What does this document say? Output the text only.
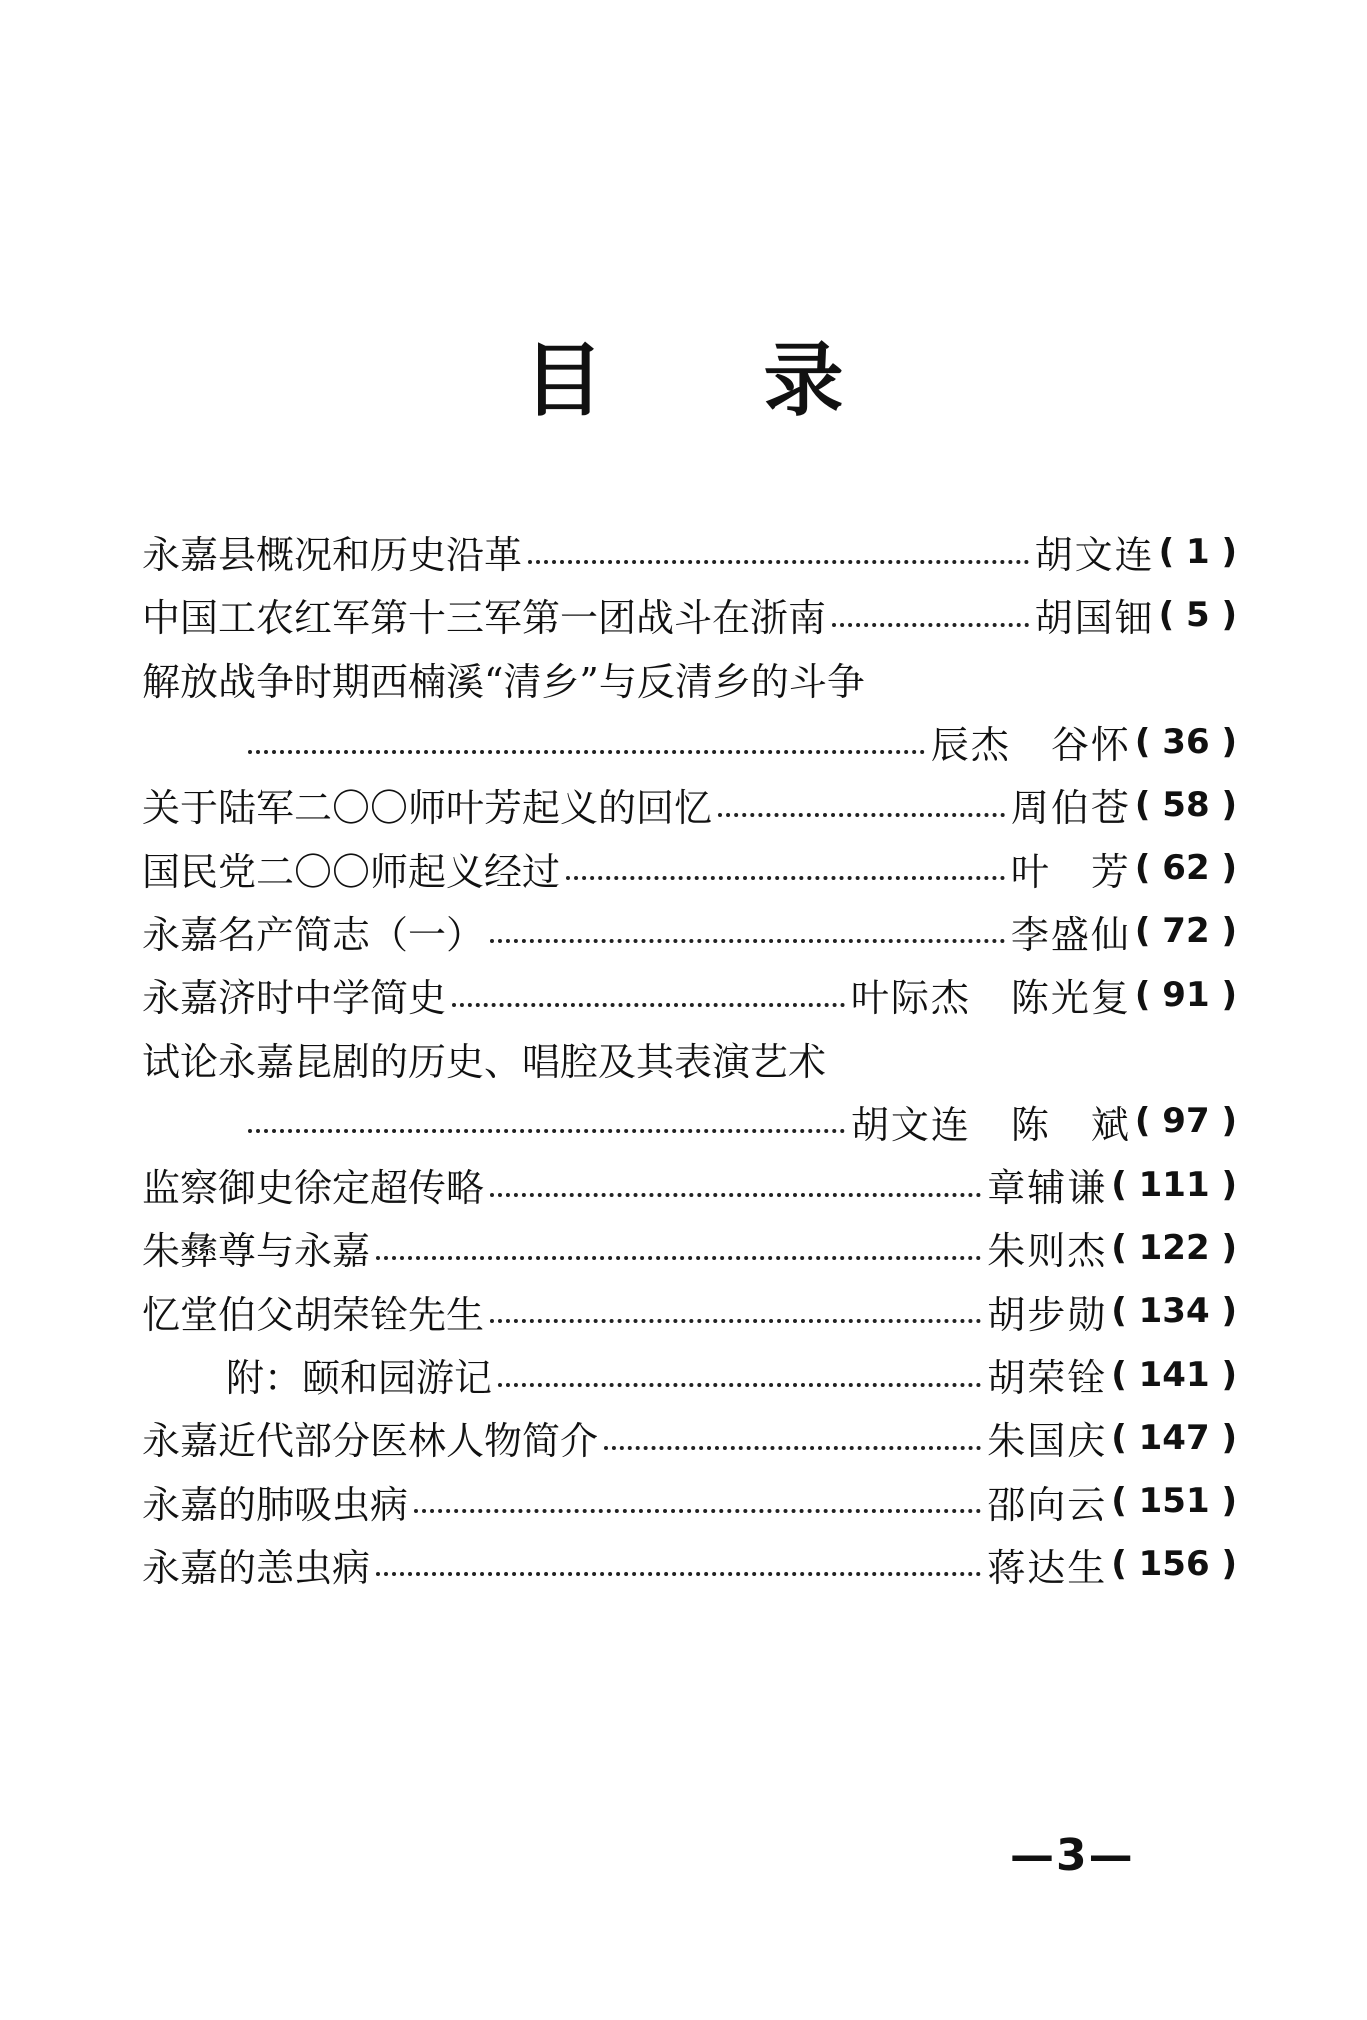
目 录
永嘉县概况和历史沿革	胡文连 ( 1 )
中国工农红军第十三军第一团战斗在浙南	胡国钿 ( 5 )
解放战争时期西楠溪“清乡”与反清乡的斗争
辰杰　谷怀 ( 36 )
关于陆军二〇〇师叶芳起义的回忆	周伯苍 ( 58 )
国民党二〇〇师起义经过	叶　芳 ( 62 )
永嘉名产简志（一）	李盛仙 ( 72 )
永嘉济时中学简史	叶际杰　陈光复 ( 91 )
试论永嘉昆剧的历史、唱腔及其表演艺术
胡文连　陈　斌 ( 97 )
监察御史徐定超传略	章辅谦 ( 111 )
朱彝尊与永嘉	朱则杰 ( 122 )
忆堂伯父胡荣铨先生	胡步勋 ( 134 )
附：颐和园游记	胡荣铨 ( 141 )
永嘉近代部分医林人物简介	朱国庆 ( 147 )
永嘉的肺吸虫病	邵向云 ( 151 )
永嘉的恙虫病	蒋达生 ( 156 )
—3—
